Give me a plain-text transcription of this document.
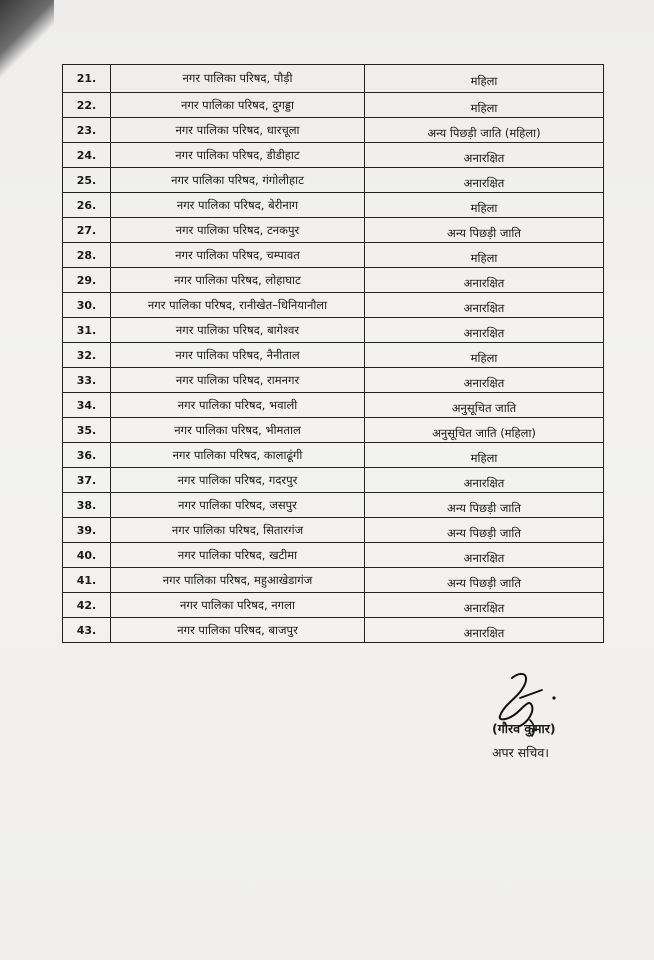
21.	नगर पालिका परिषद, पौड़ी	महिला
22.	नगर पालिका परिषद, दुगड्डा	महिला
23.	नगर पालिका परिषद, धारचूला	अन्य पिछड़ी जाति (महिला)
24.	नगर पालिका परिषद, डीडीहाट	अनारक्षित
25.	नगर पालिका परिषद, गंगोलीहाट	अनारक्षित
26.	नगर पालिका परिषद, बेरीनाग	महिला
27.	नगर पालिका परिषद, टनकपुर	अन्य पिछड़ी जाति
28.	नगर पालिका परिषद, चम्पावत	महिला
29.	नगर पालिका परिषद, लोहाघाट	अनारक्षित
30.	नगर पालिका परिषद, रानीखेत–धिनियानौला	अनारक्षित
31.	नगर पालिका परिषद, बागेश्वर	अनारक्षित
32.	नगर पालिका परिषद, नैनीताल	महिला
33.	नगर पालिका परिषद, रामनगर	अनारक्षित
34.	नगर पालिका परिषद, भवाली	अनुसूचित जाति
35.	नगर पालिका परिषद, भीमताल	अनुसूचित जाति (महिला)
36.	नगर पालिका परिषद, कालाढूंगी	महिला
37.	नगर पालिका परिषद, गदरपुर	अनारक्षित
38.	नगर पालिका परिषद, जसपुर	अन्य पिछड़ी जाति
39.	नगर पालिका परिषद, सितारगंज	अन्य पिछड़ी जाति
40.	नगर पालिका परिषद, खटीमा	अनारक्षित
41.	नगर पालिका परिषद, महुआखेडागंज	अन्य पिछड़ी जाति
42.	नगर पालिका परिषद, नगला	अनारक्षित
43.	नगर पालिका परिषद, बाजपुर	अनारक्षित
(गौरव कुमार)
अपर सचिव।
